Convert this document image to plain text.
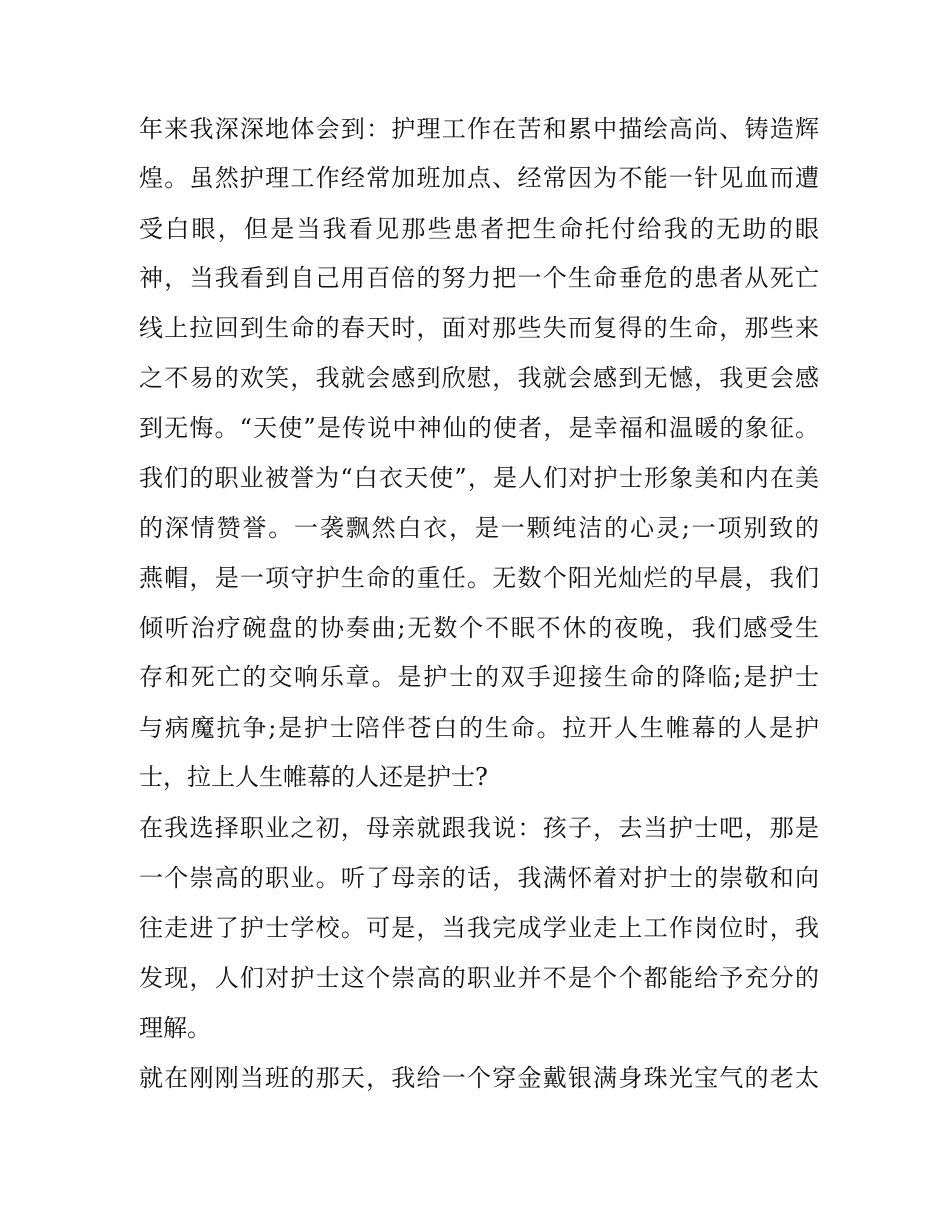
年来我深深地体会到：护理工作在苦和累中描绘高尚、铸造辉
煌。虽然护理工作经常加班加点、经常因为不能一针见血而遭
受白眼，但是当我看见那些患者把生命托付给我的无助的眼
神，当我看到自己用百倍的努力把一个生命垂危的患者从死亡
线上拉回到生命的春天时，面对那些失而复得的生命，那些来
之不易的欢笑，我就会感到欣慰，我就会感到无憾，我更会感
到无悔。“天使”是传说中神仙的使者，是幸福和温暖的象征。
我们的职业被誉为“白衣天使”，是人们对护士形象美和内在美
的深情赞誉。一袭飘然白衣，是一颗纯洁的心灵;一项别致的
燕帽，是一项守护生命的重任。无数个阳光灿烂的早晨，我们
倾听治疗碗盘的协奏曲;无数个不眠不休的夜晚，我们感受生
存和死亡的交响乐章。是护士的双手迎接生命的降临;是护士
与病魔抗争;是护士陪伴苍白的生命。拉开人生帷幕的人是护
士，拉上人生帷幕的人还是护士?
在我选择职业之初，母亲就跟我说：孩子，去当护士吧，那是
一个崇高的职业。听了母亲的话，我满怀着对护士的崇敬和向
往走进了护士学校。可是，当我完成学业走上工作岗位时，我
发现，人们对护士这个崇高的职业并不是个个都能给予充分的
理解。
就在刚刚当班的那天，我给一个穿金戴银满身珠光宝气的老太
